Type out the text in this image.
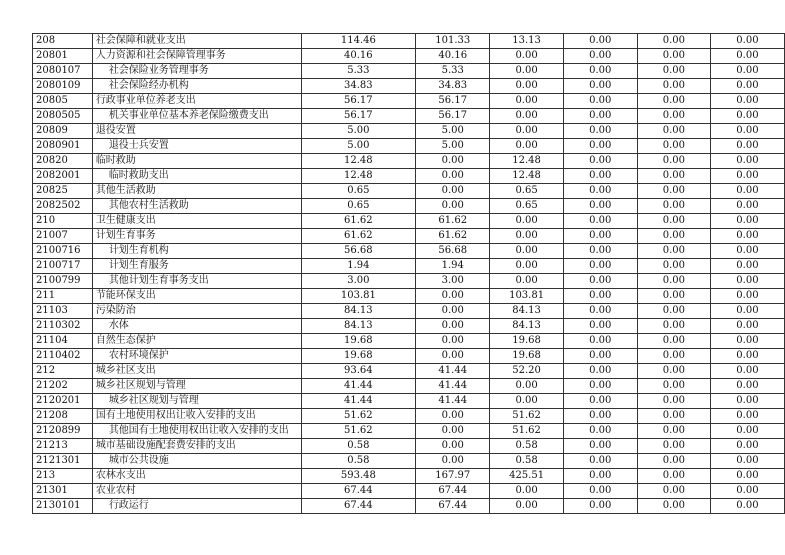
208	社会保障和就业支出	114.46	101.33	13.13	0.00	0.00	0.00
20801	人力资源和社会保障管理事务	40.16	40.16	0.00	0.00	0.00	0.00
2080107	社会保险业务管理事务	5.33	5.33	0.00	0.00	0.00	0.00
2080109	社会保险经办机构	34.83	34.83	0.00	0.00	0.00	0.00
20805	行政事业单位养老支出	56.17	56.17	0.00	0.00	0.00	0.00
2080505	机关事业单位基本养老保险缴费支出	56.17	56.17	0.00	0.00	0.00	0.00
20809	退役安置	5.00	5.00	0.00	0.00	0.00	0.00
2080901	退役士兵安置	5.00	5.00	0.00	0.00	0.00	0.00
20820	临时救助	12.48	0.00	12.48	0.00	0.00	0.00
2082001	临时救助支出	12.48	0.00	12.48	0.00	0.00	0.00
20825	其他生活救助	0.65	0.00	0.65	0.00	0.00	0.00
2082502	其他农村生活救助	0.65	0.00	0.65	0.00	0.00	0.00
210	卫生健康支出	61.62	61.62	0.00	0.00	0.00	0.00
21007	计划生育事务	61.62	61.62	0.00	0.00	0.00	0.00
2100716	计划生育机构	56.68	56.68	0.00	0.00	0.00	0.00
2100717	计划生育服务	1.94	1.94	0.00	0.00	0.00	0.00
2100799	其他计划生育事务支出	3.00	3.00	0.00	0.00	0.00	0.00
211	节能环保支出	103.81	0.00	103.81	0.00	0.00	0.00
21103	污染防治	84.13	0.00	84.13	0.00	0.00	0.00
2110302	水体	84.13	0.00	84.13	0.00	0.00	0.00
21104	自然生态保护	19.68	0.00	19.68	0.00	0.00	0.00
2110402	农村环境保护	19.68	0.00	19.68	0.00	0.00	0.00
212	城乡社区支出	93.64	41.44	52.20	0.00	0.00	0.00
21202	城乡社区规划与管理	41.44	41.44	0.00	0.00	0.00	0.00
2120201	城乡社区规划与管理	41.44	41.44	0.00	0.00	0.00	0.00
21208	国有土地使用权出让收入安排的支出	51.62	0.00	51.62	0.00	0.00	0.00
2120899	其他国有土地使用权出让收入安排的支出	51.62	0.00	51.62	0.00	0.00	0.00
21213	城市基础设施配套费安排的支出	0.58	0.00	0.58	0.00	0.00	0.00
2121301	城市公共设施	0.58	0.00	0.58	0.00	0.00	0.00
213	农林水支出	593.48	167.97	425.51	0.00	0.00	0.00
21301	农业农村	67.44	67.44	0.00	0.00	0.00	0.00
2130101	行政运行	67.44	67.44	0.00	0.00	0.00	0.00
